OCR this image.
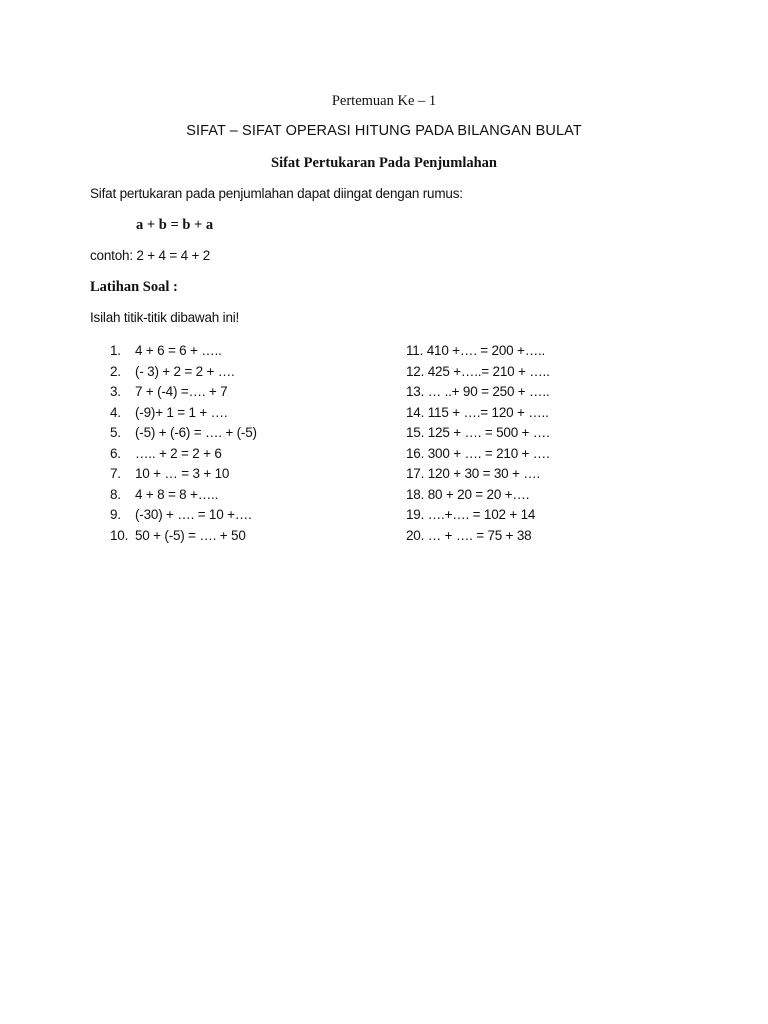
Pertemuan Ke – 1
SIFAT – SIFAT OPERASI HITUNG PADA BILANGAN BULAT
Sifat Pertukaran Pada Penjumlahan
Sifat pertukaran pada penjumlahan dapat diingat dengan rumus:
a + b = b + a
contoh: 2 + 4 = 4 + 2
Latihan Soal :
Isilah titik-titik dibawah ini!
1. 4 + 6 = 6 + …..
2. (- 3) + 2 = 2 + ….
3. 7 + (-4) =…. + 7
4. (-9)+ 1 = 1 + ….
5. (-5) + (-6) = …. + (-5)
6. ….. + 2 = 2 + 6
7. 10 + … = 3 + 10
8. 4 + 8 = 8 +…..
9. (-30) + …. = 10 +….
10. 50 + (-5) = …. + 50
11. 410 +…. = 200 +…..
12. 425 +…..= 210 + …..
13. … ..+ 90 = 250 + …..
14. 115 + ….= 120 + …..
15. 125 + …. = 500 + ….
16. 300 + …. = 210 + ….
17. 120 + 30 = 30 + ….
18. 80 + 20 = 20 +….
19. ….+…. = 102 + 14
20. … + …. = 75 + 38
